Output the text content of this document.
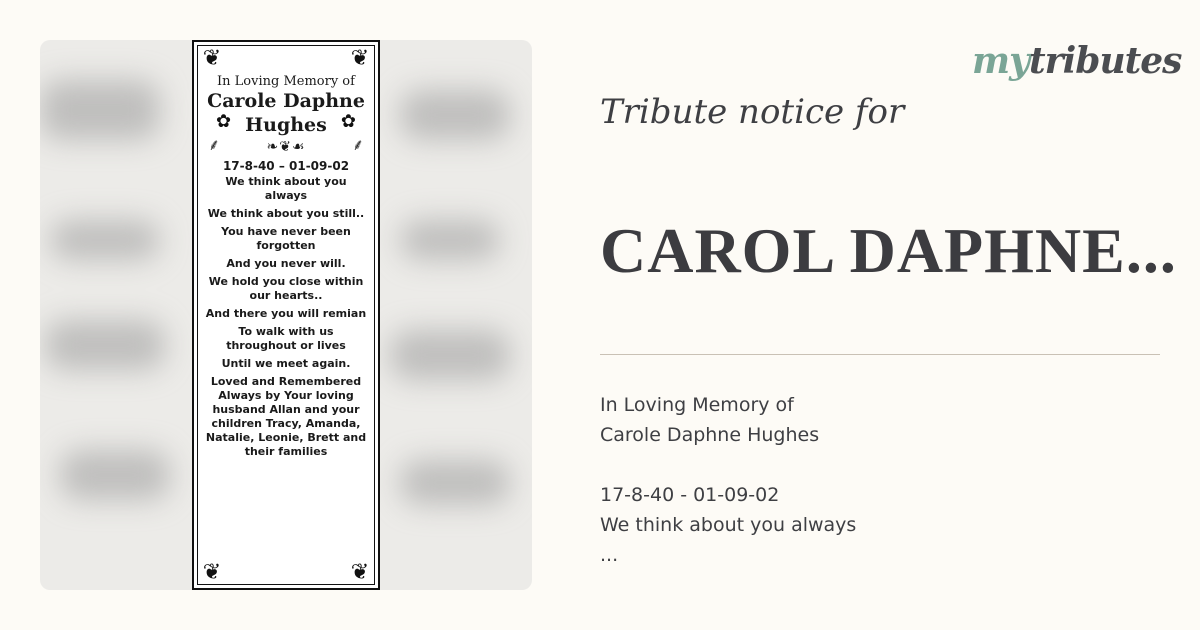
❦	❦
❦	❦
In Loving Memory of
Carole Daphne
✿ Hughes ✿
⸙	❧❦☙	⸙
17-8-40 – 01-09-02
We think about you always
We think about you still..
You have never been forgotten
And you never will.
We hold you close within our hearts..
And there you will remian
To walk with us throughout or lives
Until we meet again.
Loved and Remembered Always by Your loving husband Allan and your children Tracy, Amanda, Natalie, Leonie, Brett and their families
mytributes
Tribute notice for
CAROL DAPHNE...
In Loving Memory of
Carole Daphne Hughes
17-8-40 - 01-09-02
We think about you always
...
